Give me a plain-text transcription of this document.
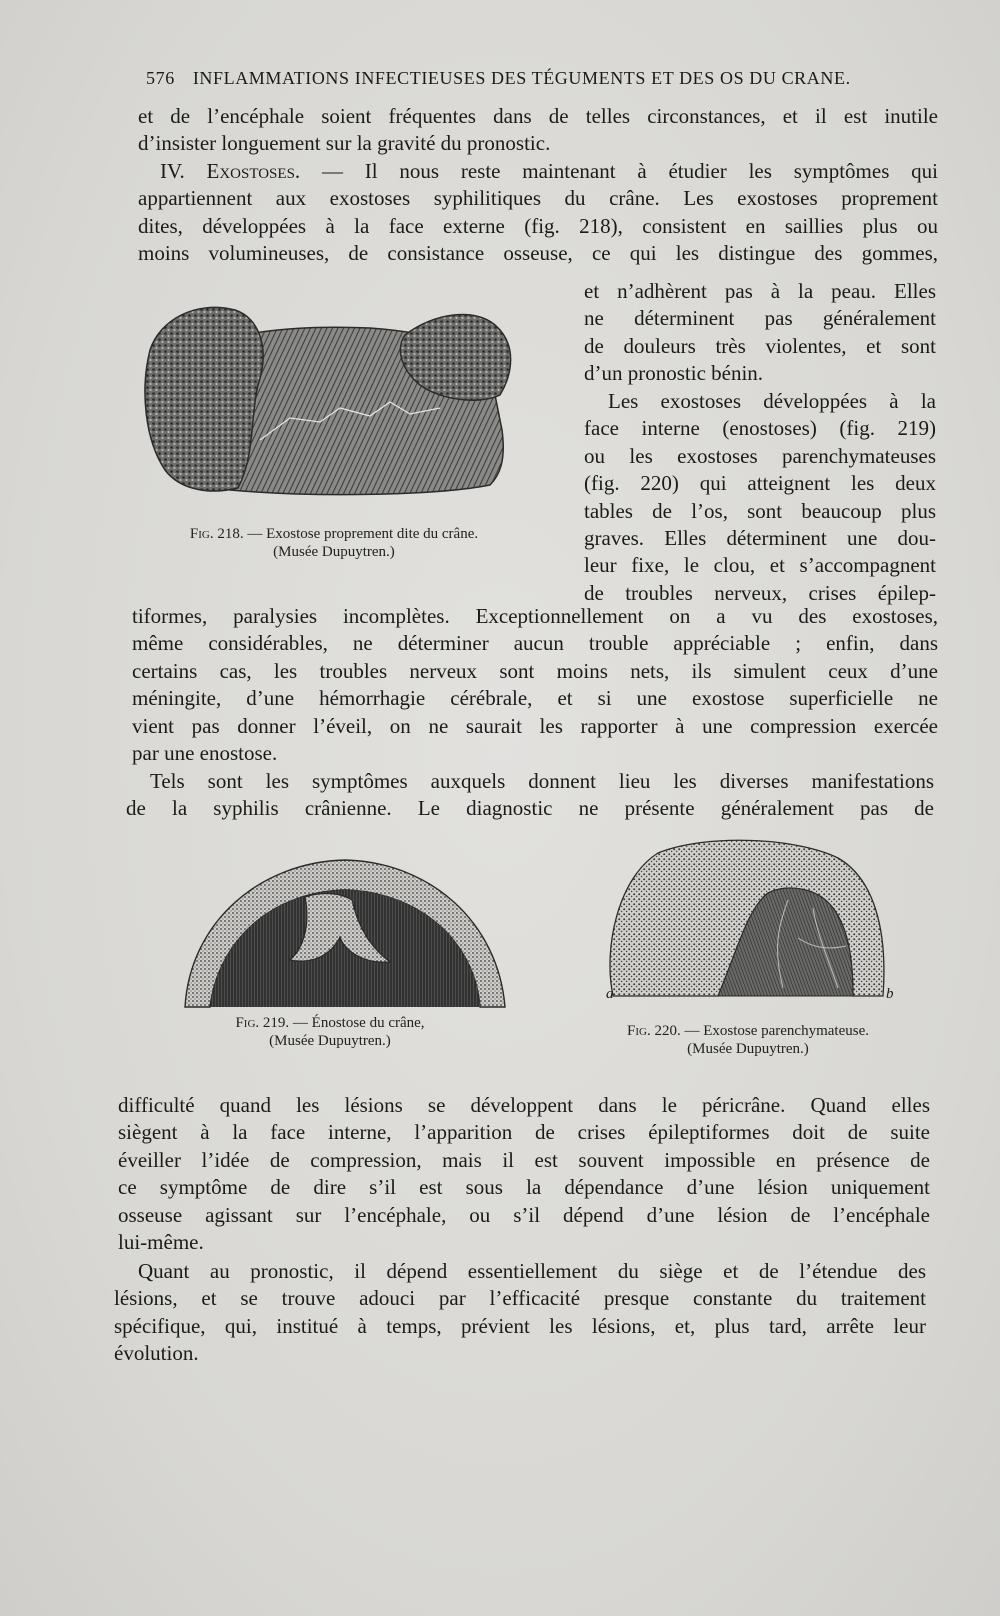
576 INFLAMMATIONS INFECTIEUSES DES TÉGUMENTS ET DES OS DU CRANE.
et de l’encéphale soient fréquentes dans de telles circonstances, et il est inutile
d’insister longuement sur la gravité du pronostic.
IV. Exostoses. — Il nous reste maintenant à étudier les symptômes qui
appartiennent aux exostoses syphilitiques du crâne. Les exostoses proprement
dites, développées à la face externe (fig. 218), consistent en saillies plus ou
moins volumineuses, de consistance osseuse, ce qui les distingue des gommes,
et n’adhèrent pas à la peau. Elles
ne déterminent pas généralement
de douleurs très violentes, et sont
d’un pronostic bénin.
Les exostoses développées à la
face interne (enostoses) (fig. 219)
ou les exostoses parenchymateuses
(fig. 220) qui atteignent les deux
tables de l’os, sont beaucoup plus
graves. Elles déterminent une dou-
leur fixe, le clou, et s’accompagnent
de troubles nerveux, crises épilep-
tiformes, paralysies incomplètes. Exceptionnellement on a vu des exostoses,
même considérables, ne déterminer aucun trouble appréciable ; enfin, dans
certains cas, les troubles nerveux sont moins nets, ils simulent ceux d’une
méningite, d’une hémorrhagie cérébrale, et si une exostose superficielle ne
vient pas donner l’éveil, on ne saurait les rapporter à une compression exercée
par une enostose.
Tels sont les symptômes auxquels donnent lieu les diverses manifestations
de la syphilis crânienne. Le diagnostic ne présente généralement pas de
Fig. 218. — Exostose proprement dite du crâne.
(Musée Dupuytren.)
Fig. 219. — Énostose du crâne,
(Musée Dupuytren.)
a	b
Fig. 220. — Exostose parenchymateuse.
(Musée Dupuytren.)
difficulté quand les lésions se développent dans le péricrâne. Quand elles
siègent à la face interne, l’apparition de crises épileptiformes doit de suite
éveiller l’idée de compression, mais il est souvent impossible en présence de
ce symptôme de dire s’il est sous la dépendance d’une lésion uniquement
osseuse agissant sur l’encéphale, ou s’il dépend d’une lésion de l’encéphale
lui-même.
Quant au pronostic, il dépend essentiellement du siège et de l’étendue des
lésions, et se trouve adouci par l’efficacité presque constante du traitement
spécifique, qui, institué à temps, prévient les lésions, et, plus tard, arrête leur
évolution.
